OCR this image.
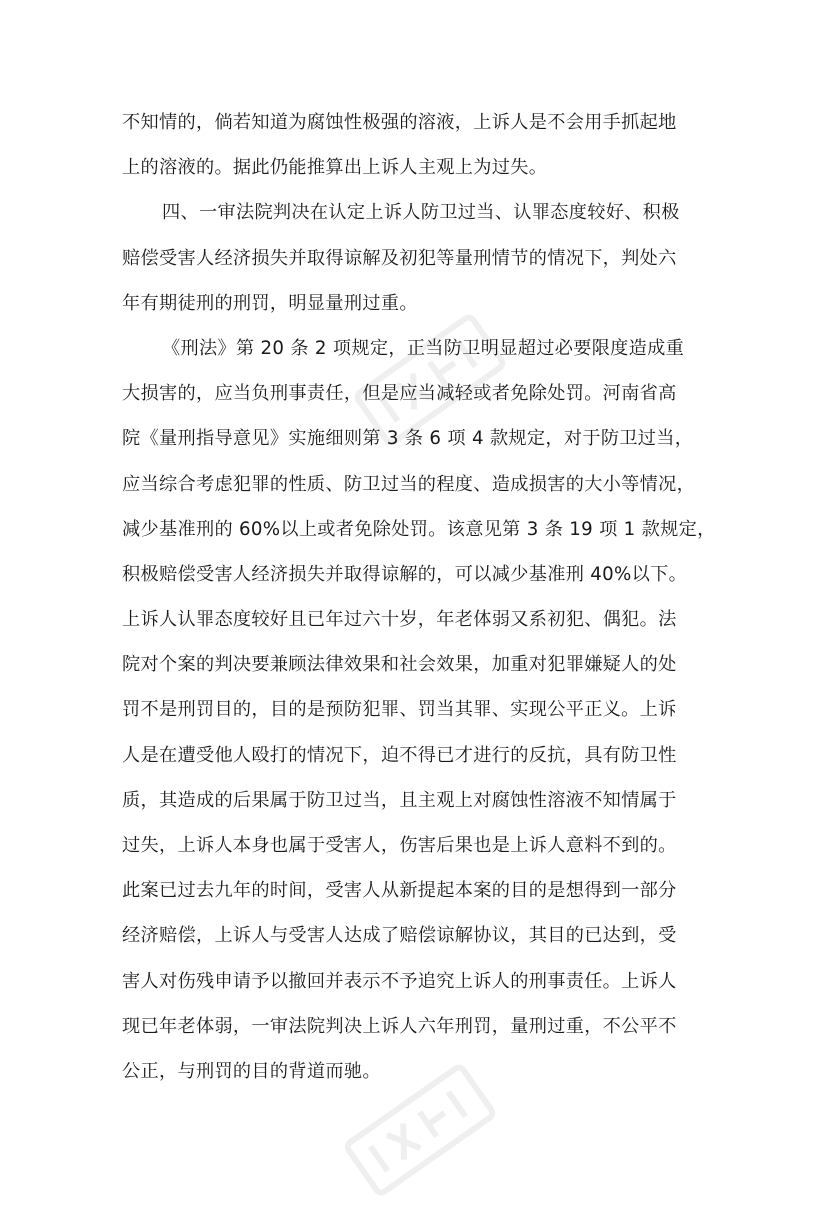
不知情的，倘若知道为腐蚀性极强的溶液，上诉人是不会用手抓起地
上的溶液的。据此仍能推算出上诉人主观上为过失。
四、一审法院判决在认定上诉人防卫过当、认罪态度较好、积极
赔偿受害人经济损失并取得谅解及初犯等量刑情节的情况下，判处六
年有期徒刑的刑罚，明显量刑过重。
《刑法》第 20 条 2 项规定，正当防卫明显超过必要限度造成重
大损害的，应当负刑事责任，但是应当减轻或者免除处罚。河南省高
院《量刑指导意见》实施细则第 3 条 6 项 4 款规定，对于防卫过当，
应当综合考虑犯罪的性质、防卫过当的程度、造成损害的大小等情况，
减少基准刑的 60%以上或者免除处罚。该意见第 3 条 19 项 1 款规定，
积极赔偿受害人经济损失并取得谅解的，可以减少基准刑 40%以下。
上诉人认罪态度较好且已年过六十岁，年老体弱又系初犯、偶犯。法
院对个案的判决要兼顾法律效果和社会效果，加重对犯罪嫌疑人的处
罚不是刑罚目的，目的是预防犯罪、罚当其罪、实现公平正义。上诉
人是在遭受他人殴打的情况下，迫不得已才进行的反抗，具有防卫性
质，其造成的后果属于防卫过当，且主观上对腐蚀性溶液不知情属于
过失，上诉人本身也属于受害人，伤害后果也是上诉人意料不到的。
此案已过去九年的时间，受害人从新提起本案的目的是想得到一部分
经济赔偿，上诉人与受害人达成了赔偿谅解协议，其目的已达到，受
害人对伤残申请予以撤回并表示不予追究上诉人的刑事责任。上诉人
现已年老体弱，一审法院判决上诉人六年刑罚，量刑过重，不公平不
公正，与刑罚的目的背道而驰。
